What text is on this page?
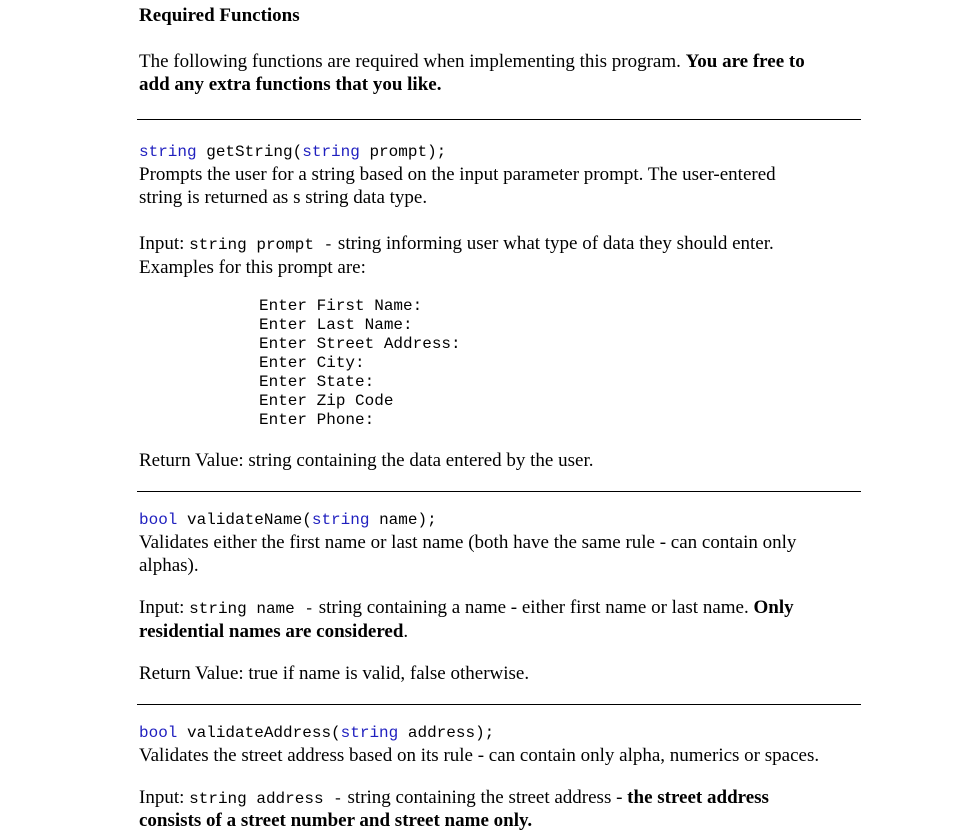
Required Functions
The following functions are required when implementing this program. You are free to
add any extra functions that you like.
string getString(string prompt);
Prompts the user for a string based on the input parameter prompt. The user-entered
string is returned as s string data type.
Input: string prompt - string informing user what type of data they should enter.
Examples for this prompt are:
Enter First Name:
Enter Last Name:
Enter Street Address:
Enter City:
Enter State:
Enter Zip Code
Enter Phone:
Return Value: string containing the data entered by the user.
bool validateName(string name);
Validates either the first name or last name (both have the same rule - can contain only
alphas).
Input: string name - string containing a name - either first name or last name. Only
residential names are considered.
Return Value: true if name is valid, false otherwise.
bool validateAddress(string address);
Validates the street address based on its rule - can contain only alpha, numerics or spaces.
Input: string address - string containing the street address - the street address
consists of a street number and street name only.
